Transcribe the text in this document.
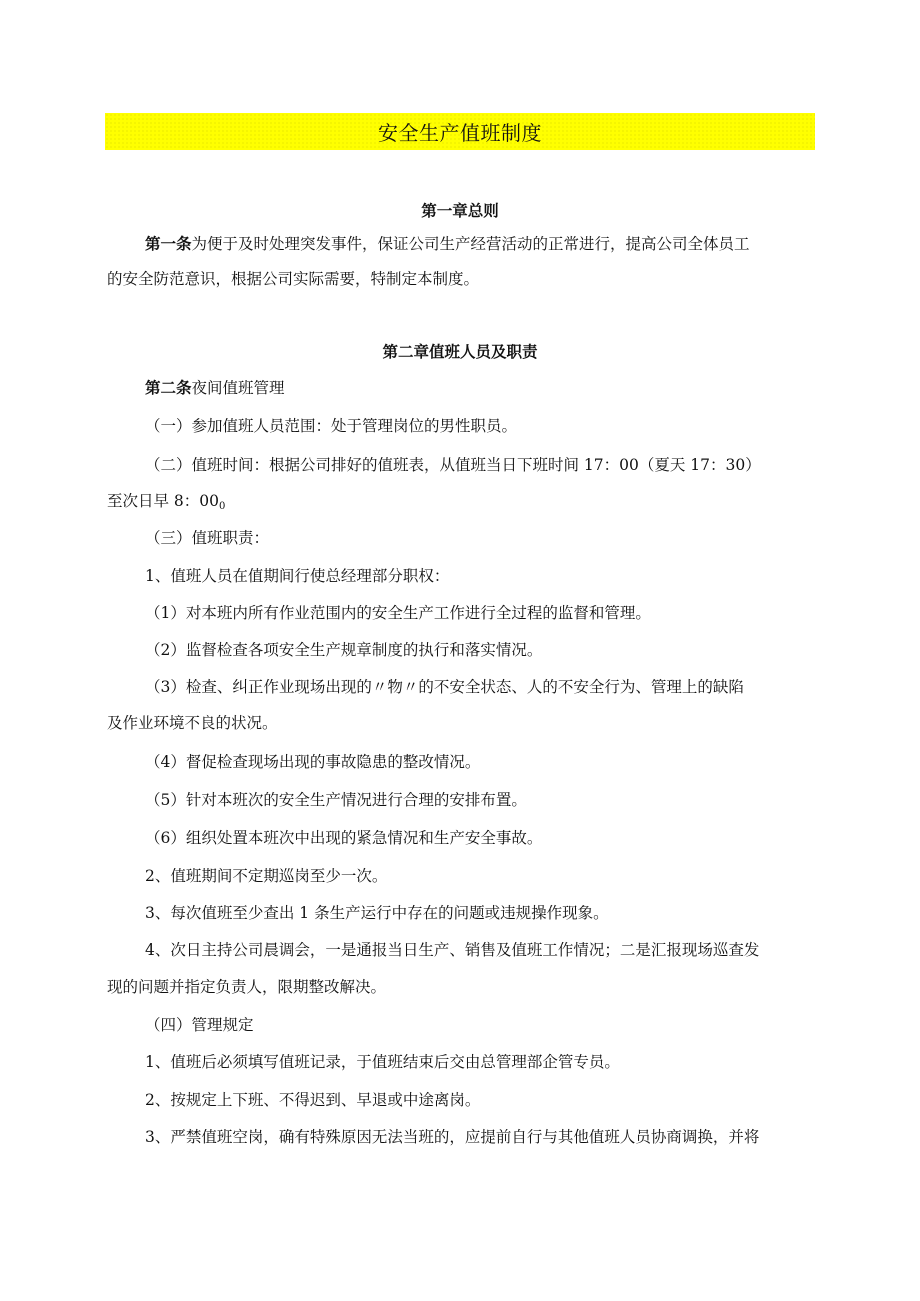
安全生产值班制度
第一章总则
第一条为便于及时处理突发事件，保证公司生产经营活动的正常进行，提高公司全体员工
的安全防范意识，根据公司实际需要，特制定本制度。
第二章值班人员及职责
第二条夜间值班管理
（一）参加值班人员范围：处于管理岗位的男性职员。
（二）值班时间：根据公司排好的值班表，从值班当日下班时间 17：00（夏天 17：30）
至次日早 8：$00_0$
（三）值班职责：
1、值班人员在值期间行使总经理部分职权：
（1）对本班内所有作业范围内的安全生产工作进行全过程的监督和管理。
（2）监督检查各项安全生产规章制度的执行和落实情况。
（3）检查、纠正作业现场出现的〃物〃的不安全状态、人的不安全行为、管理上的缺陷
及作业环境不良的状况。
（4）督促检查现场出现的事故隐患的整改情况。
（5）针对本班次的安全生产情况进行合理的安排布置。
（6）组织处置本班次中出现的紧急情况和生产安全事故。
2、值班期间不定期巡岗至少一次。
3、每次值班至少查出 1 条生产运行中存在的问题或违规操作现象。
4、次日主持公司晨调会，一是通报当日生产、销售及值班工作情况；二是汇报现场巡查发
现的问题并指定负责人，限期整改解决。
（四）管理规定
1、值班后必须填写值班记录，于值班结束后交由总管理部企管专员。
2、按规定上下班、不得迟到、早退或中途离岗。
3、严禁值班空岗，确有特殊原因无法当班的，应提前自行与其他值班人员协商调换，并将
